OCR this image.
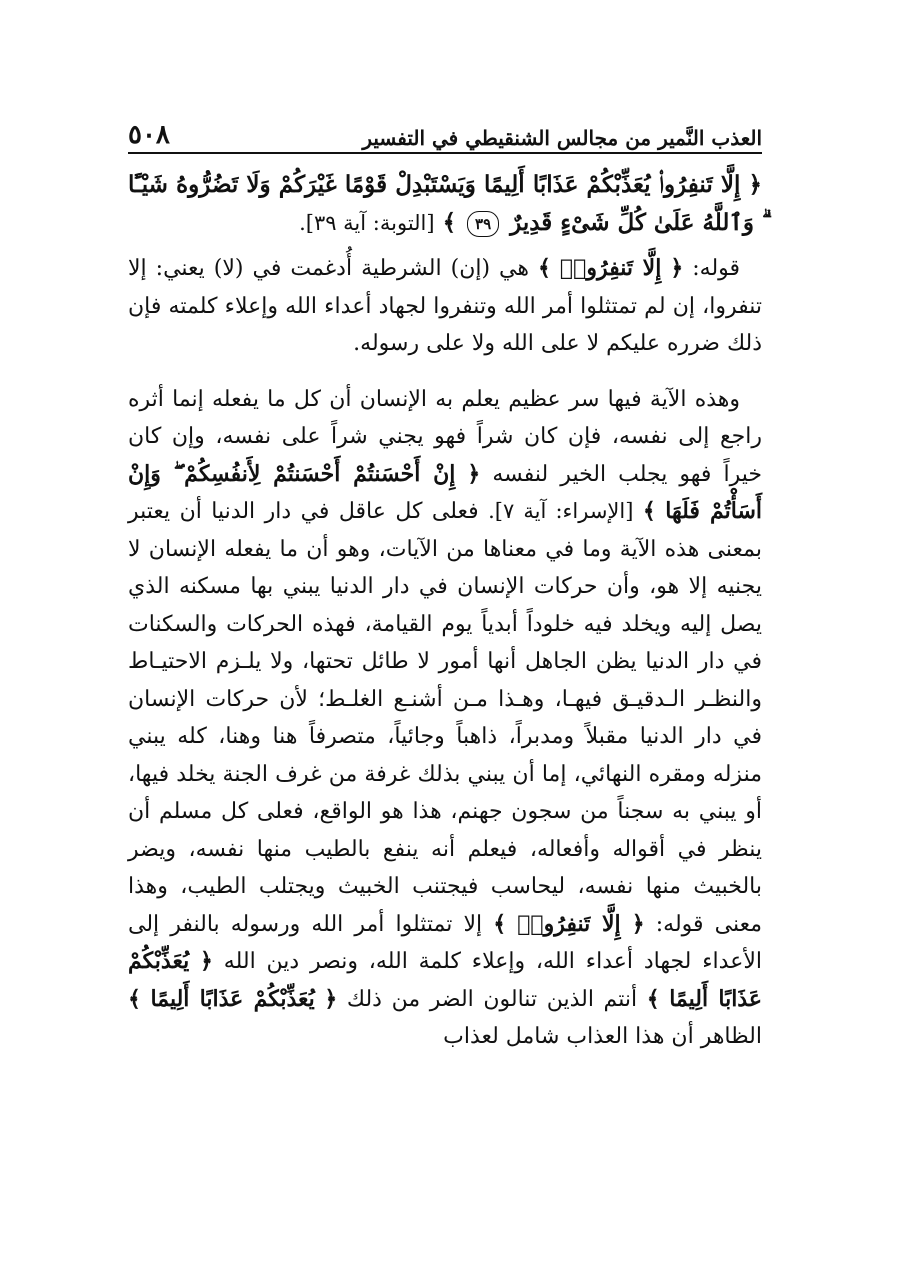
العذب النَّمير من مجالس الشنقيطي في التفسير
٥٠٨

﴿ إِلَّا تَنفِرُوا۟ يُعَذِّبْكُمْ عَذَابًا أَلِيمًا وَيَسْتَبْدِلْ قَوْمًا غَيْرَكُمْ وَلَا تَضُرُّوهُ شَيْـًٔا ۗ وَٱللَّهُ عَلَىٰ كُلِّ شَىْءٍ قَدِيرٌ ٣٩ ﴾ [التوبة: آية ٣٩].

قوله: ﴿ إِلَّا تَنفِرُوا۟ ﴾ هي (إن) الشرطية أُدغمت في (لا) يعني: إلا تنفروا، إن لم تمتثلوا أمر الله وتنفروا لجهاد أعداء الله وإعلاء كلمته فإن ذلك ضرره عليكم لا على الله ولا على رسوله.

وهذه الآية فيها سر عظيم يعلم به الإنسان أن كل ما يفعله إنما أثره راجع إلى نفسه، فإن كان شراً فهو يجني شراً على نفسه، وإن كان خيراً فهو يجلب الخير لنفسه ﴿ إِنْ أَحْسَنتُمْ أَحْسَنتُمْ لِأَنفُسِكُمْ ۖ وَإِنْ أَسَأْتُمْ فَلَهَا ﴾ [الإسراء: آية ٧]. فعلى كل عاقل في دار الدنيا أن يعتبر بمعنى هذه الآية وما في معناها من الآيات، وهو أن ما يفعله الإنسان لا يجنيه إلا هو، وأن حركات الإنسان في دار الدنيا يبني بها مسكنه الذي يصل إليه ويخلد فيه خلوداً أبدياً يوم القيامة، فهذه الحركات والسكنات في دار الدنيا يظن الجاهل أنها أمور لا طائل تحتها، ولا يلـزم الاحتيـاط والنظـر الـدقيـق فيهـا، وهـذا مـن أشنـع الغلـط؛ لأن حركات الإنسان في دار الدنيا مقبلاً ومدبراً، ذاهباً وجائياً، متصرفاً هنا وهنا، كله يبني منزله ومقره النهائي، إما أن يبني بذلك غرفة من غرف الجنة يخلد فيها، أو يبني به سجناً من سجون جهنم، هذا هو الواقع، فعلى كل مسلم أن ينظر في أقواله وأفعاله، فيعلم أنه ينفع بالطيب منها نفسه، ويضر بالخبيث منها نفسه، ليحاسب فيجتنب الخبيث ويجتلب الطيب، وهذا معنى قوله: ﴿ إِلَّا تَنفِرُوا۟ ﴾ إلا تمتثلوا أمر الله ورسوله بالنفر إلى الأعداء لجهاد أعداء الله، وإعلاء كلمة الله، ونصر دين الله ﴿ يُعَذِّبْكُمْ عَذَابًا أَلِيمًا ﴾ أنتم الذين تنالون الضر من ذلك ﴿ يُعَذِّبْكُمْ عَذَابًا أَلِيمًا ﴾ الظاهر أن هذا العذاب شامل لعذاب
